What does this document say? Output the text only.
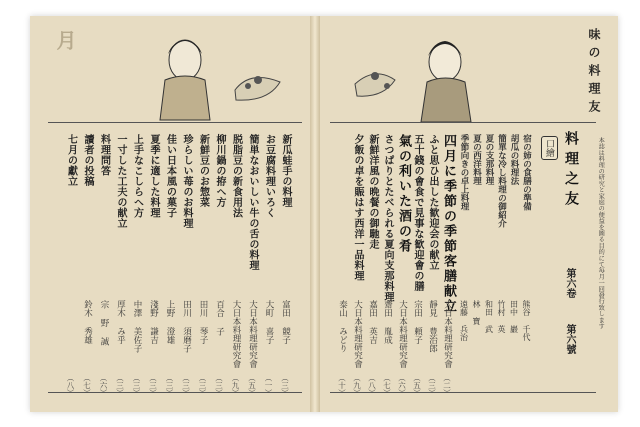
味の料理友
月
料理之友
第六卷
第六號
口繪	本誌は料理の研究と家庭の便益を圖る目的にて毎月一回發行致します
新瓜蛙手の料理
富田 競子
（三）
お豆腐料理いろく
大町 喜子
（一）
簡単なおいしい牛の舌の料理
大日本料理研究會
（五）
脱脂豆の新食用法
大日本料理研究會
（九）
柳川鍋の拵へ方
百合 子
（三）
新鮮豆のお惣菜
田川 琴子
（三）
珍らしい苺のお料理
田川 須磨子
（三）
佳い日本風の菓子
上野 澄雄
（三）
夏季に適した料理
淺野 謙吉
（三）
上手なこしらへ方
中澤 美佐子
（三）
一寸した工夫の献立
厚木 み乎
（三）
料理問答
宗 野 誠
（六）
讀者の投稿
鈴木 秀雄
（七）
七月の獻立
（八）
宿の姉の食膳の準備
胡瓜の料理法
簡單な冷し料理の御紹介
夏の支那料理
夏の西洋料理
季節向きの卓上料理
熊谷 千代
田中 巖
竹村 英
和田 武
林 寶
遠藤 兵治
四月に季節の季節客膳献立
大日本料理研究會
（二）
ふと思ひ出した歓迎会の献立
靜見 豊治郎
（三）
五十錢の會食で見事な歓迎會の膳
宗田 頼子
（五）
氣の利いた酒の肴
大日本料理研究會
（六）
さつぱりとたべられる夏向支那料理
齋田 胤成
（七）
新鮮洋風の晩餐の御馳走
嘉田 英吉
（八）
夕飯の卓を賑はす西洋一品料理
大日本料理研究會
（九）
泰山 みどり
（十）
